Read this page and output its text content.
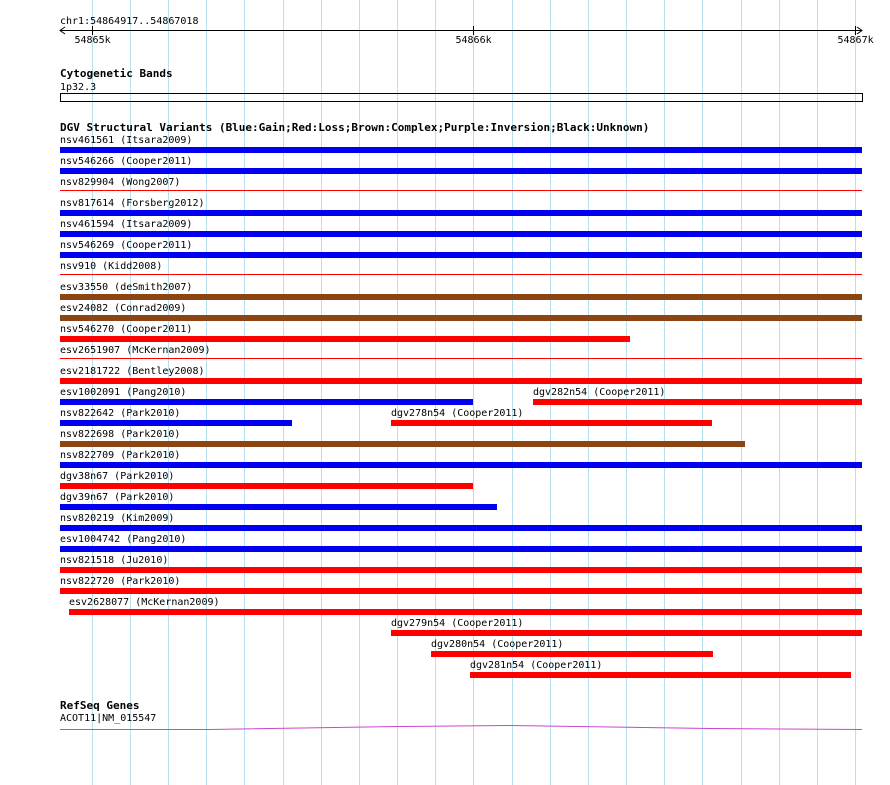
chr1:54864917..54867018
54865k	54866k	54867k
Cytogenetic Bands
1p32.3
DGV Structural Variants (Blue:Gain;Red:Loss;Brown:Complex;Purple:Inversion;Black:Unknown)
nsv461561 (Itsara2009)
nsv546266 (Cooper2011)
nsv829904 (Wong2007)
nsv817614 (Forsberg2012)
nsv461594 (Itsara2009)
nsv546269 (Cooper2011)
nsv910 (Kidd2008)
esv33550 (deSmith2007)
esv24082 (Conrad2009)
nsv546270 (Cooper2011)
esv2651907 (McKernan2009)
esv2181722 (Bentley2008)
esv1002091 (Pang2010)	dgv282n54 (Cooper2011)
nsv822642 (Park2010)	dgv278n54 (Cooper2011)
nsv822698 (Park2010)
nsv822709 (Park2010)
dgv38n67 (Park2010)
dgv39n67 (Park2010)
nsv820219 (Kim2009)
esv1004742 (Pang2010)
nsv821518 (Ju2010)
nsv822720 (Park2010)
esv2628077 (McKernan2009)
dgv279n54 (Cooper2011)
dgv280n54 (Cooper2011)
dgv281n54 (Cooper2011)
RefSeq Genes
ACOT11|NM_015547
